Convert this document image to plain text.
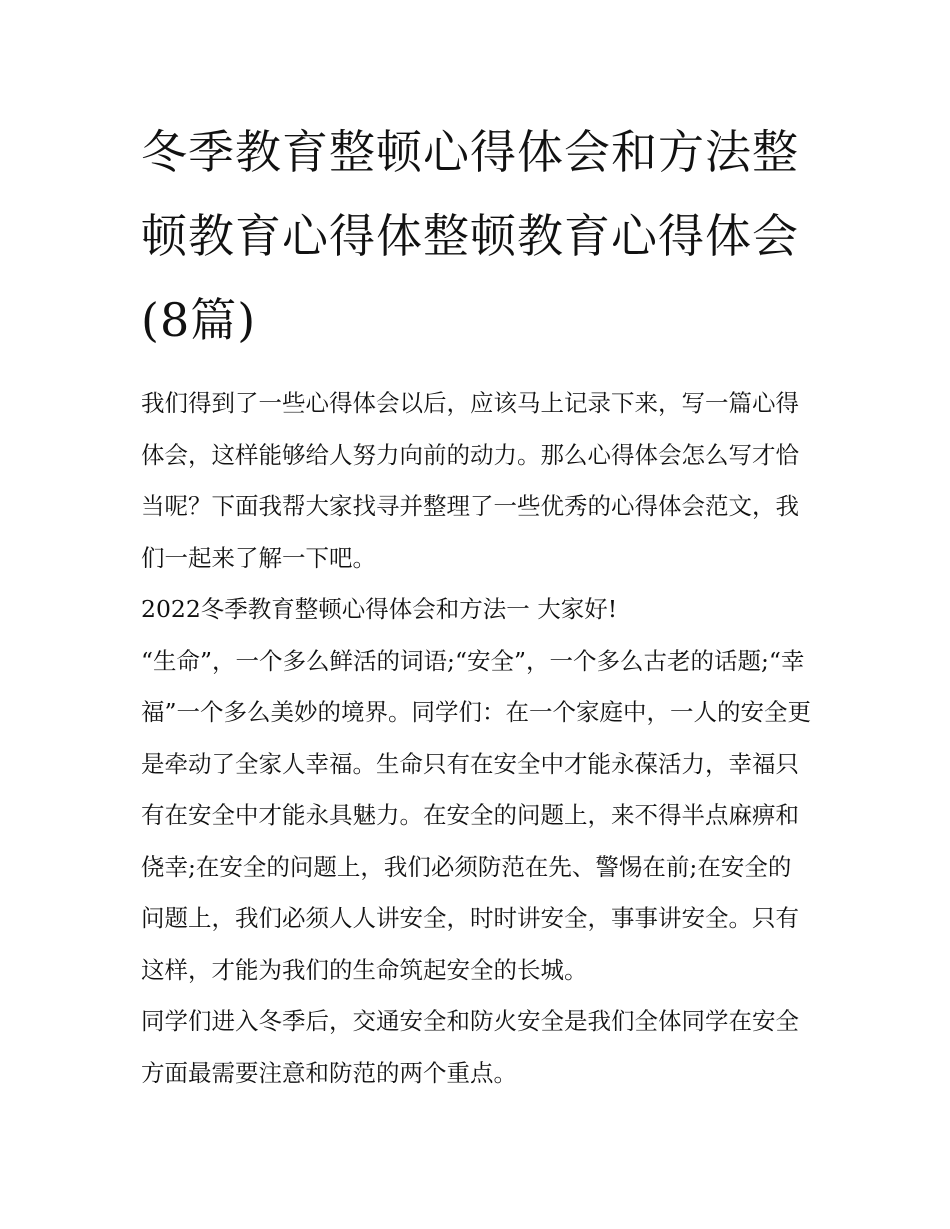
冬季教育整顿心得体会和方法整顿教育心得体整顿教育心得体会(8篇)

我们得到了一些心得体会以后，应该马上记录下来，写一篇心得体会，这样能够给人努力向前的动力。那么心得体会怎么写才恰当呢？下面我帮大家找寻并整理了一些优秀的心得体会范文，我们一起来了解一下吧。

2022冬季教育整顿心得体会和方法一 大家好!

“生命”，一个多么鲜活的词语;“安全”，一个多么古老的话题;“幸福”一个多么美妙的境界。同学们：在一个家庭中，一人的安全更是牵动了全家人幸福。生命只有在安全中才能永葆活力，幸福只有在安全中才能永具魅力。在安全的问题上，来不得半点麻痹和侥幸;在安全的问题上，我们必须防范在先、警惕在前;在安全的问题上，我们必须人人讲安全，时时讲安全，事事讲安全。只有这样，才能为我们的生命筑起安全的长城。

同学们进入冬季后，交通安全和防火安全是我们全体同学在安全方面最需要注意和防范的两个重点。
